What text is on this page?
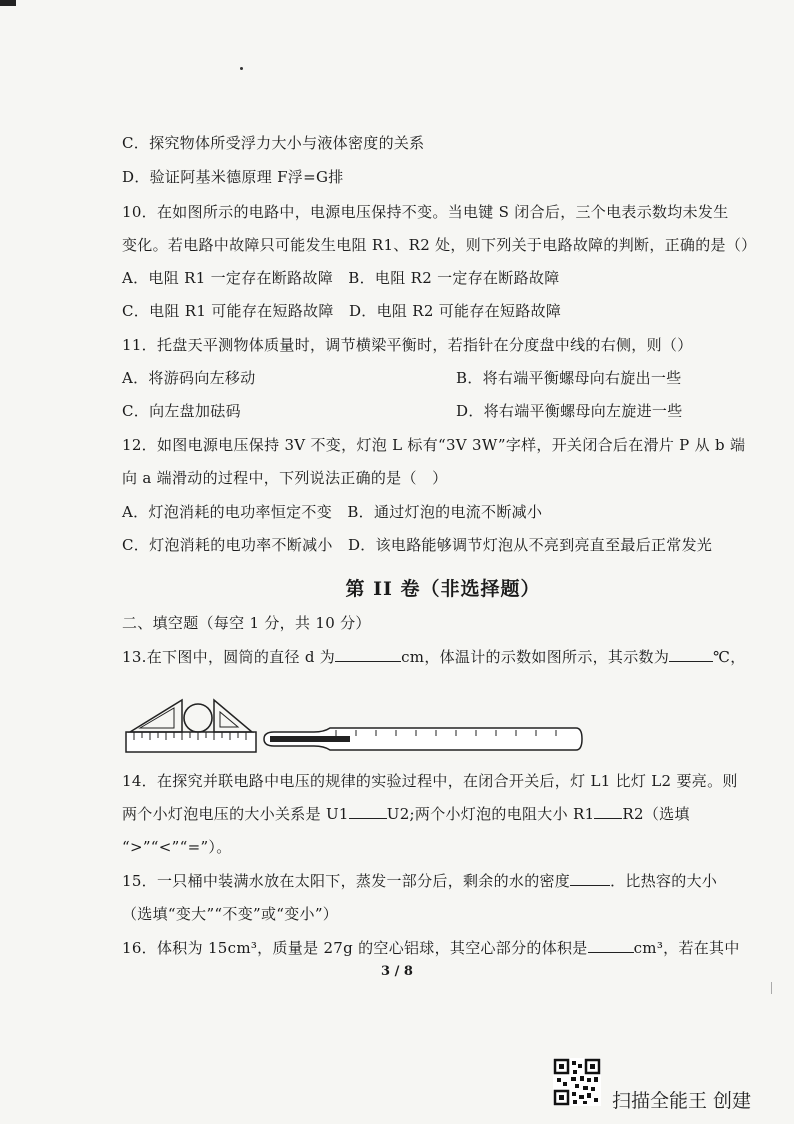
C．探究物体所受浮力大小与液体密度的关系
D．验证阿基米德原理 F浮=G排
10．在如图所示的电路中，电源电压保持不变。当电键 S 闭合后，三个电表示数均未发生
变化。若电路中故障只可能发生电阻 R1、R2 处，则下列关于电路故障的判断，正确的是（）
A．电阻 R1 一定存在断路故障　B．电阻 R2 一定存在断路故障
C．电阻 R1 可能存在短路故障　D．电阻 R2 可能存在短路故障
11．托盘天平测物体质量时，调节横梁平衡时，若指针在分度盘中线的右侧，则（）
A．将游码向左移动	B．将右端平衡螺母向右旋出一些
C．向左盘加砝码	D．将右端平衡螺母向左旋进一些
12．如图电源电压保持 3V 不变，灯泡 L 标有“3V 3W”字样，开关闭合后在滑片 P 从 b 端
向 a 端滑动的过程中，下列说法正确的是（　）
A．灯泡消耗的电功率恒定不变　B．通过灯泡的电流不断减小
C．灯泡消耗的电功率不断减小　D．该电路能够调节灯泡从不亮到亮直至最后正常发光
第 II 卷（非选择题）
二、填空题（每空 1 分，共 10 分）
13.在下图中，圆筒的直径 d 为	cm，体温计的示数如图所示，其示数为	℃，
14．在探究并联电路中电压的规律的实验过程中，在闭合开关后，灯 L1 比灯 L2 要亮。则
两个小灯泡电压的大小关系是 U1	U2;两个小灯泡的电阻大小 R1 R2（选填
“>”“<”“=”）。
15．一只桶中装满水放在太阳下，蒸发一部分后，剩余的水的密度	．比热容的大小
（选填“变大”“不变”或“变小”）
16．体积为 15cm³，质量是 27g 的空心铝球，其空心部分的体积是	cm³，若在其中
3 / 8
扫描全能王 创建
